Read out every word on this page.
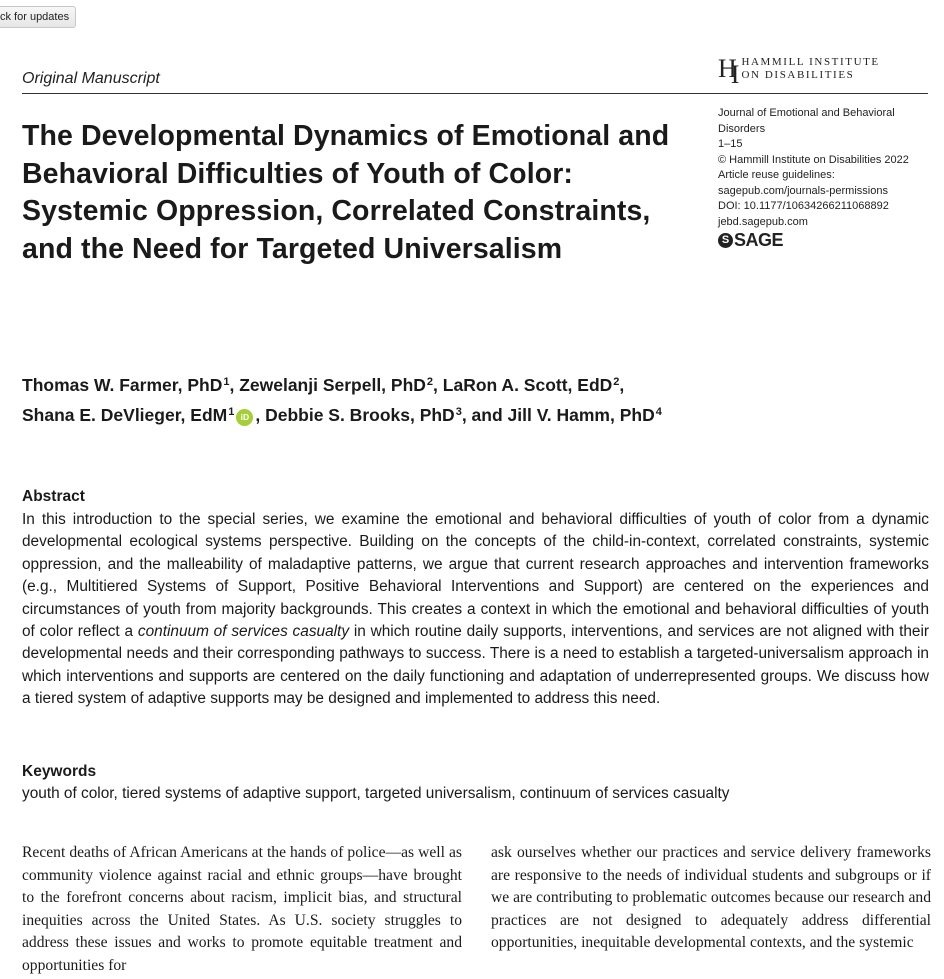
ck for updates
Original Manuscript	HI HAMMILL INSTITUTE
ON DISABILITIES
The Developmental Dynamics of Emotional and Behavioral Difficulties of Youth of Color: Systemic Oppression, Correlated Constraints, and the Need for Targeted Universalism
Journal of Emotional and Behavioral Disorders
1–15
© Hammill Institute on Disabilities 2022
Article reuse guidelines:
sagepub.com/journals-permissions
DOI: 10.1177/10634266211068892
jebd.sagepub.com
S SAGE
Thomas W. Farmer, PhD$^1$, Zewelanji Serpell, PhD$^2$, LaRon A. Scott, EdD$^2$,
Shana E. DeVlieger, EdM$^1$ iD , Debbie S. Brooks, PhD$^3$, and Jill V. Hamm, PhD$^4$
Abstract

In this introduction to the special series, we examine the emotional and behavioral difficulties of youth of color from a dynamic developmental ecological systems perspective. Building on the concepts of the child-in-context, correlated constraints, systemic oppression, and the malleability of maladaptive patterns, we argue that current research approaches and intervention frameworks (e.g., Multitiered Systems of Support, Positive Behavioral Interventions and Support) are centered on the experiences and circumstances of youth from majority backgrounds. This creates a context in which the emotional and behavioral difficulties of youth of color reflect a continuum of services casualty in which routine daily supports, interventions, and services are not aligned with their developmental needs and their corresponding pathways to success. There is a need to establish a targeted-universalism approach in which interventions and supports are centered on the daily functioning and adaptation of underrepresented groups. We discuss how a tiered system of adaptive supports may be designed and implemented to address this need.

Keywords
youth of color, tiered systems of adaptive support, targeted universalism, continuum of services casualty

Recent deaths of African Americans at the hands of police—as well as community violence against racial and ethnic groups—have brought to the forefront concerns about racism, implicit bias, and structural inequities across the United States. As U.S. society struggles to address these issues and works to promote equitable treatment and opportunities for

ask ourselves whether our practices and service delivery frameworks are responsive to the needs of individual students and subgroups or if we are contributing to problematic outcomes because our research and practices are not designed to adequately address differential opportunities, inequitable developmental contexts, and the systemic
